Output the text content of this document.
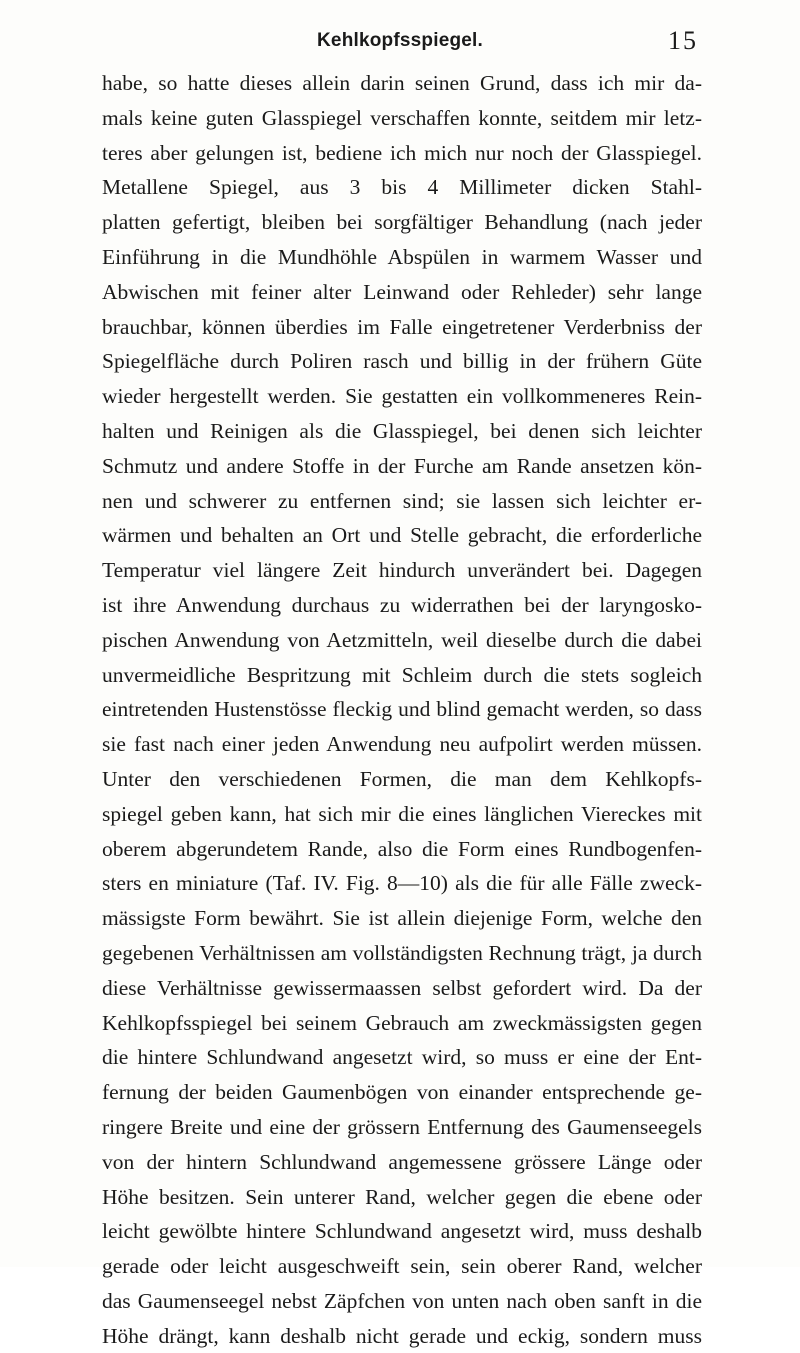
Kehlkopfsspiegel.	15
habe, so hatte dieses allein darin seinen Grund, dass ich mir da-
mals keine guten Glasspiegel verschaffen konnte, seitdem mir letz-
teres aber gelungen ist, bediene ich mich nur noch der Glasspiegel.
Metallene Spiegel, aus 3 bis 4 Millimeter dicken Stahl-
platten gefertigt, bleiben bei sorgfältiger Behandlung (nach jeder
Einführung in die Mundhöhle Abspülen in warmem Wasser und
Abwischen mit feiner alter Leinwand oder Rehleder) sehr lange
brauchbar, können überdies im Falle eingetretener Verderbniss der
Spiegelfläche durch Poliren rasch und billig in der frühern Güte
wieder hergestellt werden. Sie gestatten ein vollkommeneres Rein-
halten und Reinigen als die Glasspiegel, bei denen sich leichter
Schmutz und andere Stoffe in der Furche am Rande ansetzen kön-
nen und schwerer zu entfernen sind; sie lassen sich leichter er-
wärmen und behalten an Ort und Stelle gebracht, die erforderliche
Temperatur viel längere Zeit hindurch unverändert bei. Dagegen
ist ihre Anwendung durchaus zu widerrathen bei der laryngosko-
pischen Anwendung von Aetzmitteln, weil dieselbe durch die dabei
unvermeidliche Bespritzung mit Schleim durch die stets sogleich
eintretenden Hustenstösse fleckig und blind gemacht werden, so dass
sie fast nach einer jeden Anwendung neu aufpolirt werden müssen.
Unter den verschiedenen Formen, die man dem Kehlkopfs-
spiegel geben kann, hat sich mir die eines länglichen Viereckes mit
oberem abgerundetem Rande, also die Form eines Rundbogenfen-
sters en miniature (Taf. IV. Fig. 8—10) als die für alle Fälle zweck-
mässigste Form bewährt. Sie ist allein diejenige Form, welche den
gegebenen Verhältnissen am vollständigsten Rechnung trägt, ja durch
diese Verhältnisse gewissermaassen selbst gefordert wird. Da der
Kehlkopfsspiegel bei seinem Gebrauch am zweckmässigsten gegen
die hintere Schlundwand angesetzt wird, so muss er eine der Ent-
fernung der beiden Gaumenbögen von einander entsprechende ge-
ringere Breite und eine der grössern Entfernung des Gaumenseegels
von der hintern Schlundwand angemessene grössere Länge oder
Höhe besitzen. Sein unterer Rand, welcher gegen die ebene oder
leicht gewölbte hintere Schlundwand angesetzt wird, muss deshalb
gerade oder leicht ausgeschweift sein, sein oberer Rand, welcher
das Gaumenseegel nebst Zäpfchen von unten nach oben sanft in die
Höhe drängt, kann deshalb nicht gerade und eckig, sondern muss
